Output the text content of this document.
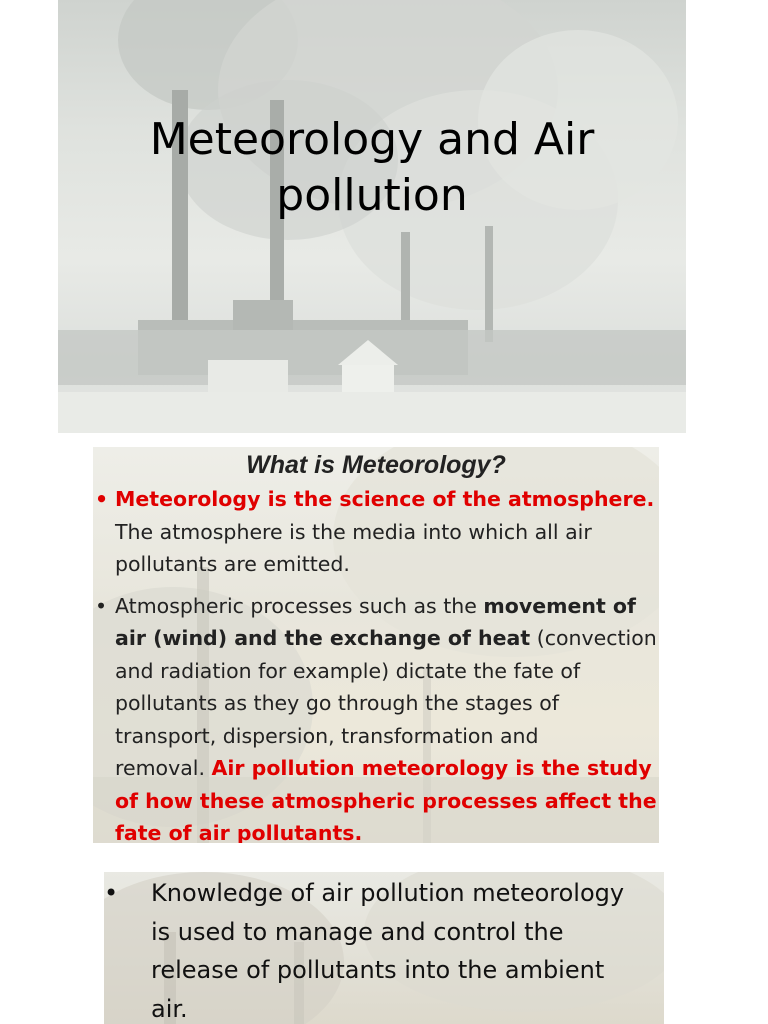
Meteorology and Air
pollution
What is Meteorology?
• Meteorology is the science of the atmosphere.
The atmosphere is the media into which all air
pollutants are emitted.
• Atmospheric processes such as the movement of
air (wind) and the exchange of heat (convection
and radiation for example) dictate the fate of
pollutants as they go through the stages of
transport, dispersion, transformation and
removal. Air pollution meteorology is the study
of how these atmospheric processes affect the
fate of air pollutants.
• Knowledge of air pollution meteorology
is used to manage and control the
release of pollutants into the ambient
air.
